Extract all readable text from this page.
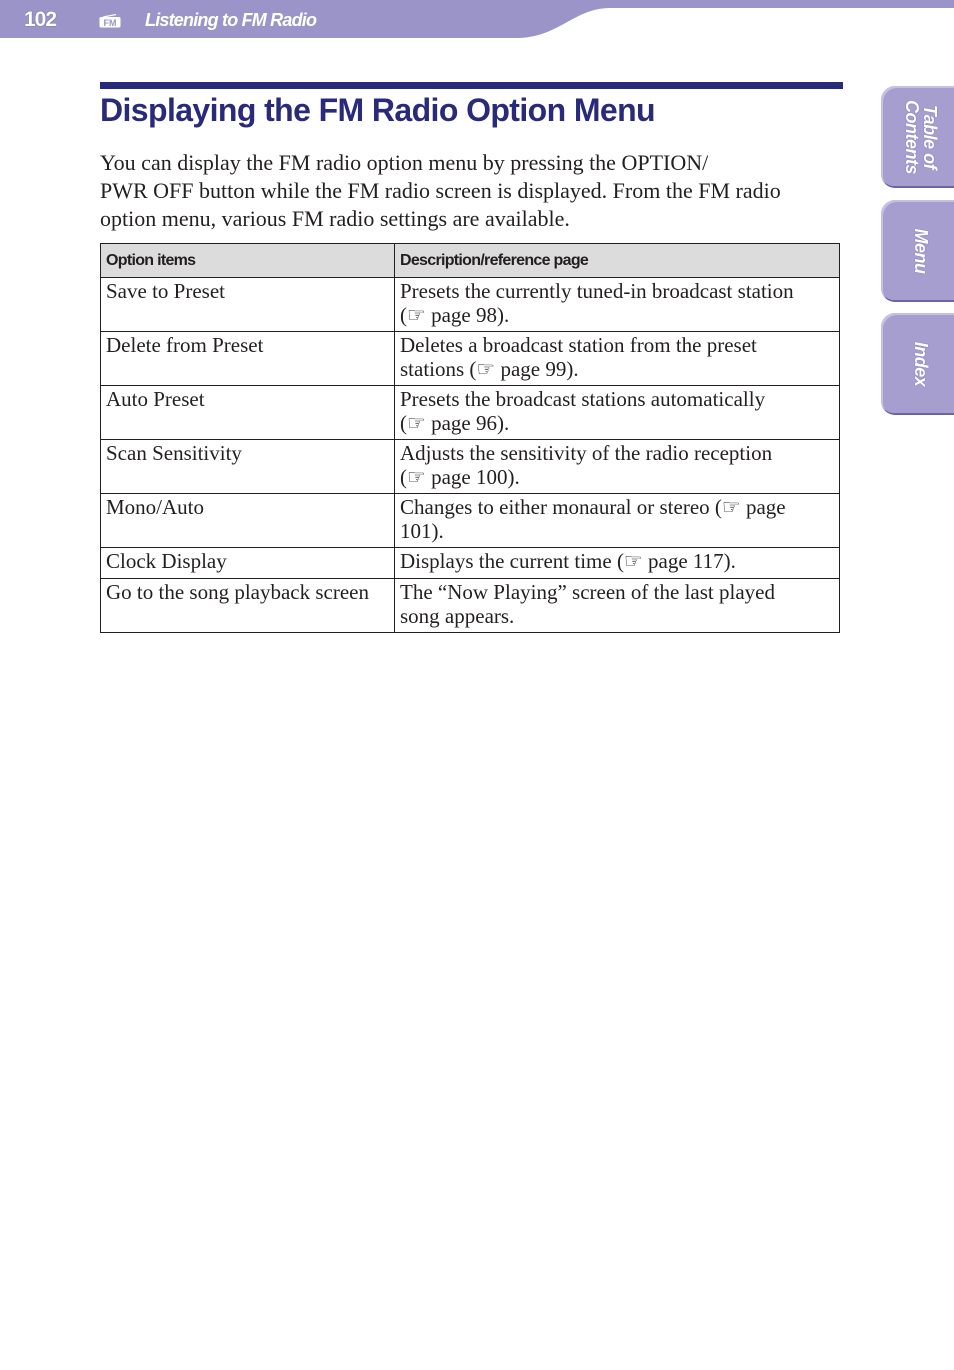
102	FM Listening to FM Radio
Displaying the FM Radio Option Menu

You can display the FM radio option menu by pressing the OPTION/
PWR OFF button while the FM radio screen is displayed. From the FM radio
option menu, various FM radio settings are available.

Option items	Description/reference page
Save to Preset	Presets the currently tuned-in broadcast station
(☞ page 98).

Delete from Preset	Deletes a broadcast station from the preset
stations (☞ page 99).

Auto Preset	Presets the broadcast stations automatically
(☞ page 96).

Scan Sensitivity	Adjusts the sensitivity of the radio reception
(☞ page 100).

Mono/Auto	Changes to either monaural or stereo (☞ page
101).

Clock Display	Displays the current time (☞ page 117).

Go to the song playback screen	The “Now Playing” screen of the last played
song appears.
Table of
Contents
Menu
Index
